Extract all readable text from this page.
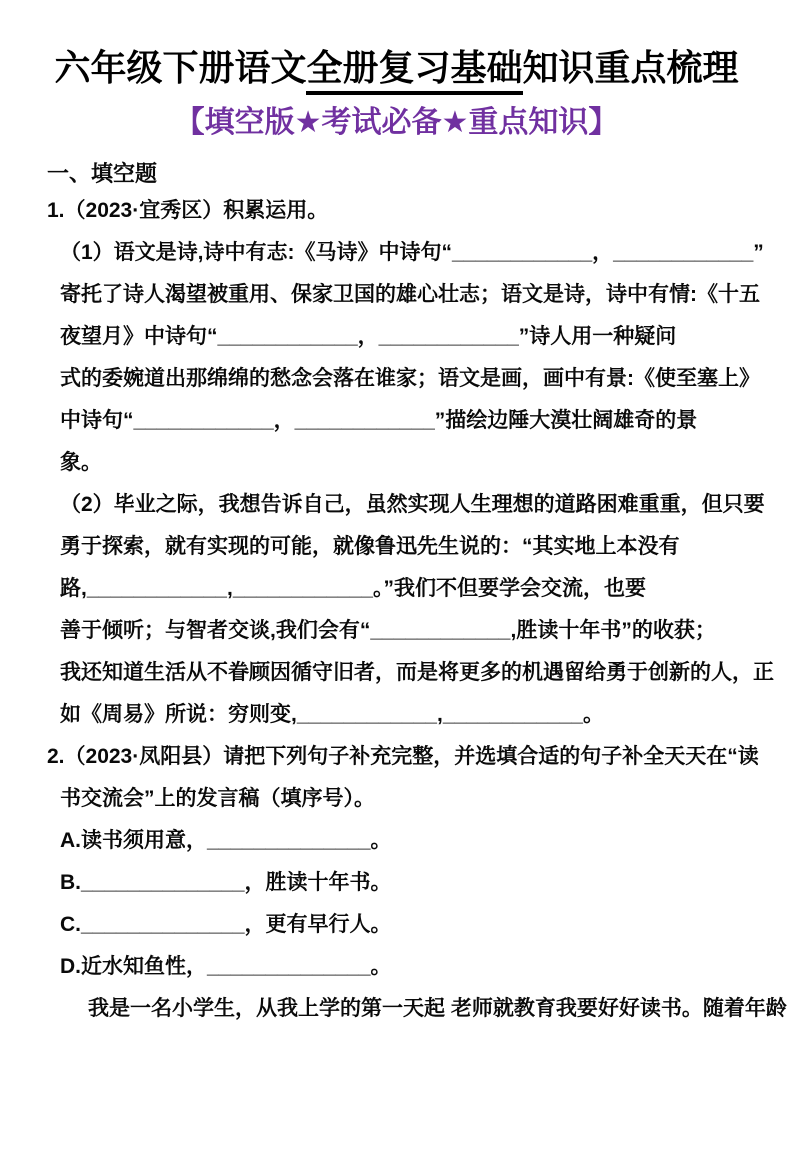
六年级下册语文全册复习基础知识重点梳理
【填空版★考试必备★重点知识】
一、填空题

1.（2023·宜秀区）积累运用。

（1）语文是诗,诗中有志:《马诗》中诗句“____________，____________”

寄托了诗人渴望被重用、保家卫国的雄心壮志；语文是诗，诗中有情:《十五

夜望月》中诗句“____________，____________”诗人用一种疑问

式的委婉道出那绵绵的愁念会落在谁家；语文是画，画中有景:《使至塞上》

中诗句“____________，____________”描绘边陲大漠壮阔雄奇的景

象。

（2）毕业之际，我想告诉自己，虽然实现人生理想的道路困难重重，但只要

勇于探索，就有实现的可能，就像鲁迅先生说的：“其实地上本没有

路,____________,____________。”我们不但要学会交流，也要

善于倾听；与智者交谈,我们会有“____________,胜读十年书”的收获；

我还知道生活从不眷顾因循守旧者，而是将更多的机遇留给勇于创新的人，正

如《周易》所说：穷则变,____________,____________。

2.（2023·凤阳县）请把下列句子补充完整，并选填合适的句子补全天天在“读

书交流会”上的发言稿（填序号）。

A.读书须用意，______________。

B.______________，胜读十年书。

C.______________，更有早行人。

D.近水知鱼性，______________。

我是一名小学生，从我上学的第一天起 老师就教育我要好好读书。随着年龄
